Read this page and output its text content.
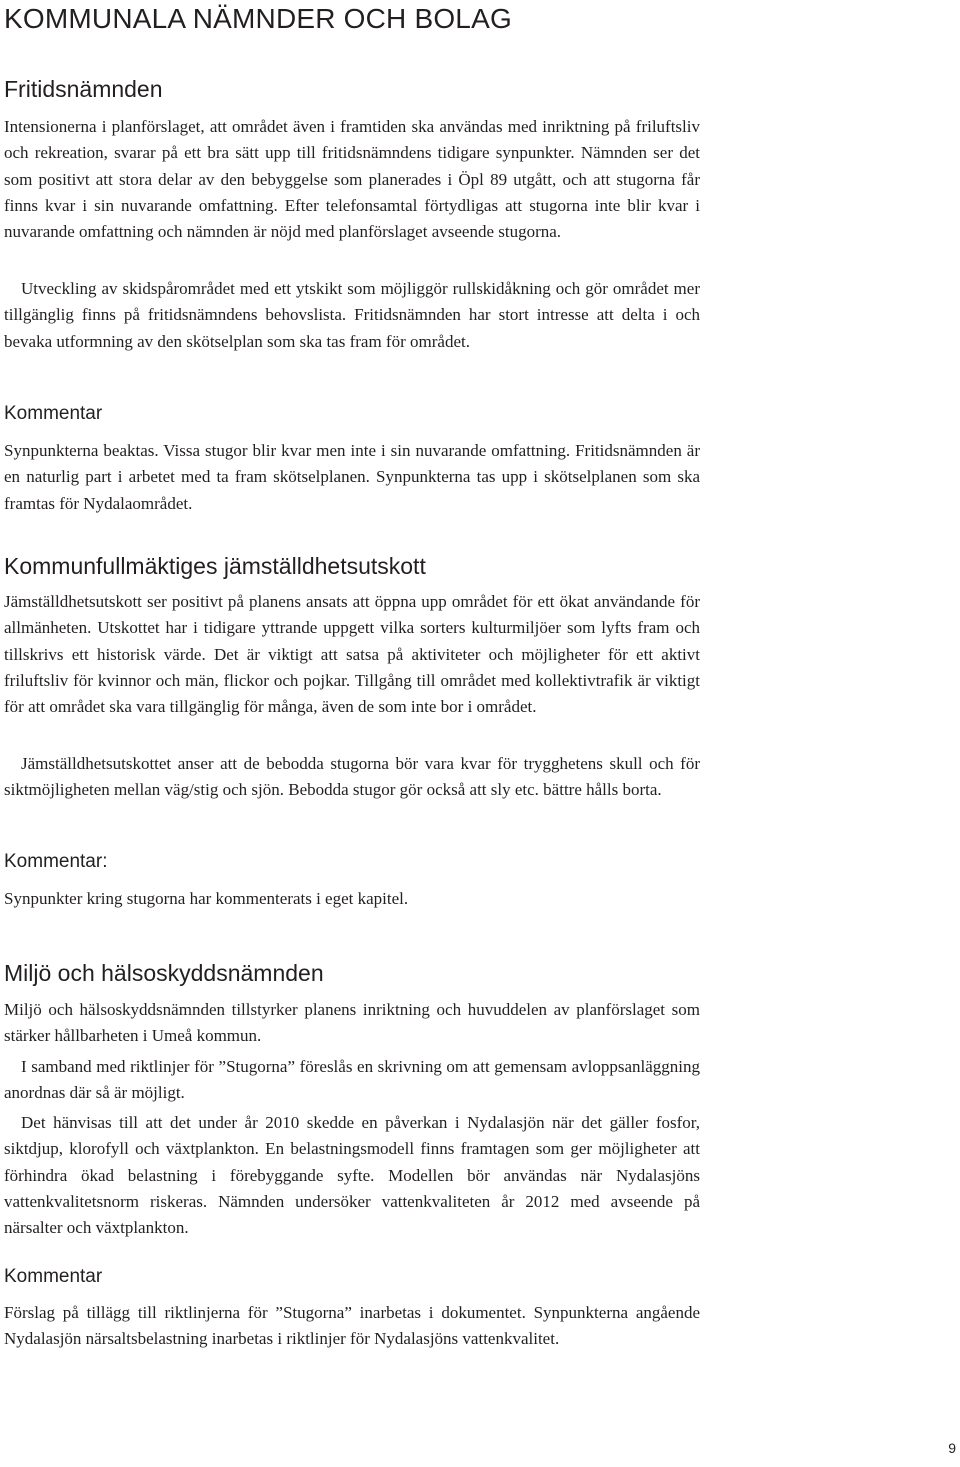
KOMMUNALA NÄMNDER OCH BOLAG
Fritidsnämnden

Intensionerna i planförslaget, att området även i framtiden ska användas med inriktning på friluftsliv och rekreation, svarar på ett bra sätt upp till fritidsnämndens tidigare synpunkter. Nämnden ser det som positivt att stora delar av den bebyggelse som planerades i Öpl 89 utgått, och att stugorna får finns kvar i sin nuvarande omfattning. Efter telefonsamtal förtydligas att stugorna inte blir kvar i nuvarande omfattning och nämnden är nöjd med planförslaget avseende stugorna.

Utveckling av skidspårområdet med ett ytskikt som möjliggör rullskidåkning och gör området mer tillgänglig finns på fritidsnämndens behovslista. Fritidsnämnden har stort intresse att delta i och bevaka utformning av den skötselplan som ska tas fram för området.

Kommentar

Synpunkterna beaktas. Vissa stugor blir kvar men inte i sin nuvarande omfattning. Fritidsnämnden är en naturlig part i arbetet med ta fram skötselplanen. Synpunkterna tas upp i skötselplanen som ska framtas för Nydalaområdet.

Kommunfullmäktiges jämställdhetsutskott

Jämställdhetsutskott ser positivt på planens ansats att öppna upp området för ett ökat användande för allmänheten. Utskottet har i tidigare yttrande uppgett vilka sorters kulturmiljöer som lyfts fram och tillskrivs ett historisk värde. Det är viktigt att satsa på aktiviteter och möjligheter för ett aktivt friluftsliv för kvinnor och män, flickor och pojkar. Tillgång till området med kollektivtrafik är viktigt för att området ska vara tillgänglig för många, även de som inte bor i området.

Jämställdhetsutskottet anser att de bebodda stugorna bör vara kvar för trygghetens skull och för siktmöjligheten mellan väg/stig och sjön. Bebodda stugor gör också att sly etc. bättre hålls borta.

Kommentar:

Synpunkter kring stugorna har kommenterats i eget kapitel.

Miljö och hälsoskyddsnämnden

Miljö och hälsoskyddsnämnden tillstyrker planens inriktning och huvuddelen av planförslaget som stärker hållbarheten i Umeå kommun.

I samband med riktlinjer för ”Stugorna” föreslås en skrivning om att gemensam avloppsanläggning anordnas där så är möjligt.

Det hänvisas till att det under år 2010 skedde en påverkan i Nydalasjön när det gäller fosfor, siktdjup, klorofyll och växtplankton. En belastningsmodell finns framtagen som ger möjligheter att förhindra ökad belastning i förebyggande syfte. Modellen bör användas när Nydalasjöns vattenkvalitetsnorm riskeras. Nämnden undersöker vattenkvaliteten år 2012 med avseende på närsalter och växtplankton.

Kommentar

Förslag på tillägg till riktlinjerna för ”Stugorna” inarbetas i dokumentet. Synpunkterna angående Nydalasjön närsaltsbelastning inarbetas i riktlinjer för Nydalasjöns vattenkvalitet.

9
